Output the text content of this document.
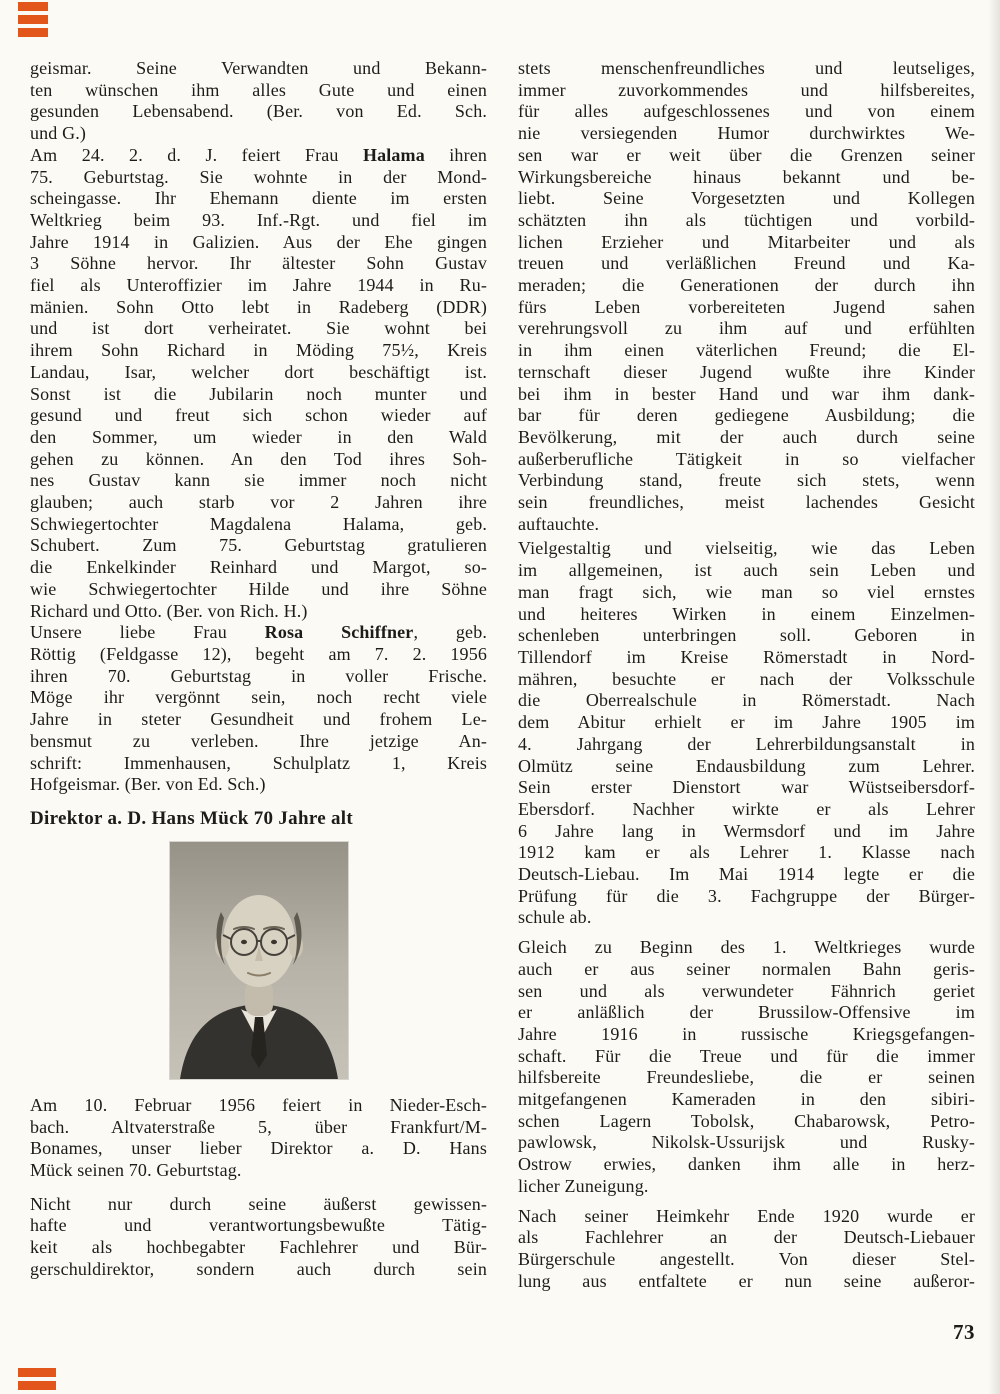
geismar. Seine Verwandten und Bekann-
ten wünschen ihm alles Gute und einen
gesunden Lebensabend. (Ber. von Ed. Sch.
und G.)
Am 24. 2. d. J. feiert Frau Halama ihren
75. Geburtstag. Sie wohnte in der Mond-
scheingasse. Ihr Ehemann diente im ersten
Weltkrieg beim 93. Inf.-Rgt. und fiel im
Jahre 1914 in Galizien. Aus der Ehe gingen
3 Söhne hervor. Ihr ältester Sohn Gustav
fiel als Unteroffizier im Jahre 1944 in Ru-
mänien. Sohn Otto lebt in Radeberg (DDR)
und ist dort verheiratet. Sie wohnt bei
ihrem Sohn Richard in Möding 75½, Kreis
Landau, Isar, welcher dort beschäftigt ist.
Sonst ist die Jubilarin noch munter und
gesund und freut sich schon wieder auf
den Sommer, um wieder in den Wald
gehen zu können. An den Tod ihres Soh-
nes Gustav kann sie immer noch nicht
glauben; auch starb vor 2 Jahren ihre
Schwiegertochter Magdalena Halama, geb.
Schubert. Zum 75. Geburtstag gratulieren
die Enkelkinder Reinhard und Margot, so-
wie Schwiegertochter Hilde und ihre Söhne
Richard und Otto. (Ber. von Rich. H.)
Unsere liebe Frau Rosa Schiffner, geb.
Röttig (Feldgasse 12), begeht am 7. 2. 1956
ihren 70. Geburtstag in voller Frische.
Möge ihr vergönnt sein, noch recht viele
Jahre in steter Gesundheit und frohem Le-
bensmut zu verleben. Ihre jetzige An-
schrift: Immenhausen, Schulplatz 1, Kreis
Hofgeismar. (Ber. von Ed. Sch.)
Direktor a. D. Hans Mück 70 Jahre alt
Am 10. Februar 1956 feiert in Nieder-Esch-
bach. Altvaterstraße 5, über Frankfurt/M-
Bonames, unser lieber Direktor a. D. Hans
Mück seinen 70. Geburtstag.
Nicht nur durch seine äußerst gewissen-
hafte und verantwortungsbewußte Tätig-
keit als hochbegabter Fachlehrer und Bür-
gerschuldirektor, sondern auch durch sein
stets menschenfreundliches und leutseliges,
immer zuvorkommendes und hilfsbereites,
für alles aufgeschlossenes und von einem
nie versiegenden Humor durchwirktes We-
sen war er weit über die Grenzen seiner
Wirkungsbereiche hinaus bekannt und be-
liebt. Seine Vorgesetzten und Kollegen
schätzten ihn als tüchtigen und vorbild-
lichen Erzieher und Mitarbeiter und als
treuen und verläßlichen Freund und Ka-
meraden; die Generationen der durch ihn
fürs Leben vorbereiteten Jugend sahen
verehrungsvoll zu ihm auf und erfühlten
in ihm einen väterlichen Freund; die El-
ternschaft dieser Jugend wußte ihre Kinder
bei ihm in bester Hand und war ihm dank-
bar für deren gediegene Ausbildung; die
Bevölkerung, mit der auch durch seine
außerberufliche Tätigkeit in so vielfacher
Verbindung stand, freute sich stets, wenn
sein freundliches, meist lachendes Gesicht
auftauchte.
Vielgestaltig und vielseitig, wie das Leben
im allgemeinen, ist auch sein Leben und
man fragt sich, wie man so viel ernstes
und heiteres Wirken in einem Einzelmen-
schenleben unterbringen soll. Geboren in
Tillendorf im Kreise Römerstadt in Nord-
mähren, besuchte er nach der Volksschule
die Oberrealschule in Römerstadt. Nach
dem Abitur erhielt er im Jahre 1905 im
4. Jahrgang der Lehrerbildungsanstalt in
Olmütz seine Endausbildung zum Lehrer.
Sein erster Dienstort war Wüstseibersdorf-
Ebersdorf. Nachher wirkte er als Lehrer
6 Jahre lang in Wermsdorf und im Jahre
1912 kam er als Lehrer 1. Klasse nach
Deutsch-Liebau. Im Mai 1914 legte er die
Prüfung für die 3. Fachgruppe der Bürger-
schule ab.
Gleich zu Beginn des 1. Weltkrieges wurde
auch er aus seiner normalen Bahn geris-
sen und als verwundeter Fähnrich geriet
er anläßlich der Brussilow-Offensive im
Jahre 1916 in russische Kriegsgefangen-
schaft. Für die Treue und für die immer
hilfsbereite Freundesliebe, die er seinen
mitgefangenen Kameraden in den sibiri-
schen Lagern Tobolsk, Chabarowsk, Petro-
pawlowsk, Nikolsk-Ussurijsk und Rusky-
Ostrow erwies, danken ihm alle in herz-
licher Zuneigung.
Nach seiner Heimkehr Ende 1920 wurde er
als Fachlehrer an der Deutsch-Liebauer
Bürgerschule angestellt. Von dieser Stel-
lung aus entfaltete er nun seine außeror-
73
